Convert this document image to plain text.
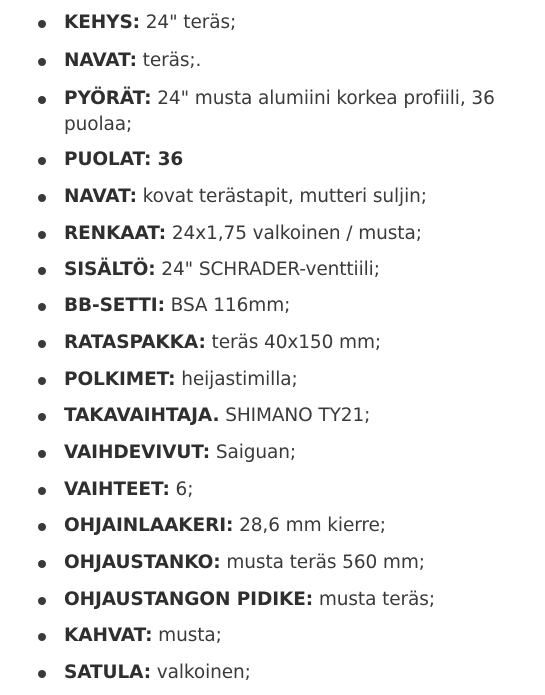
KEHYS: 24" teräs;
NAVAT: teräs;.
PYÖRÄT: 24" musta alumiini korkea profiili, 36 puolaa;
PUOLAT: 36
NAVAT: kovat terästapit, mutteri suljin;
RENKAAT: 24x1,75 valkoinen / musta;
SISÄLTÖ: 24" SCHRADER-venttiili;
BB-SETTI: BSA 116mm;
RATASPAKKA: teräs 40x150 mm;
POLKIMET: heijastimilla;
TAKAVAIHTAJA. SHIMANO TY21;
VAIHDEVIVUT: Saiguan;
VAIHTEET: 6;
OHJAINLAAKERI: 28,6 mm kierre;
OHJAUSTANKO: musta teräs 560 mm;
OHJAUSTANGON PIDIKE: musta teräs;
KAHVAT: musta;
SATULA: valkoinen;
